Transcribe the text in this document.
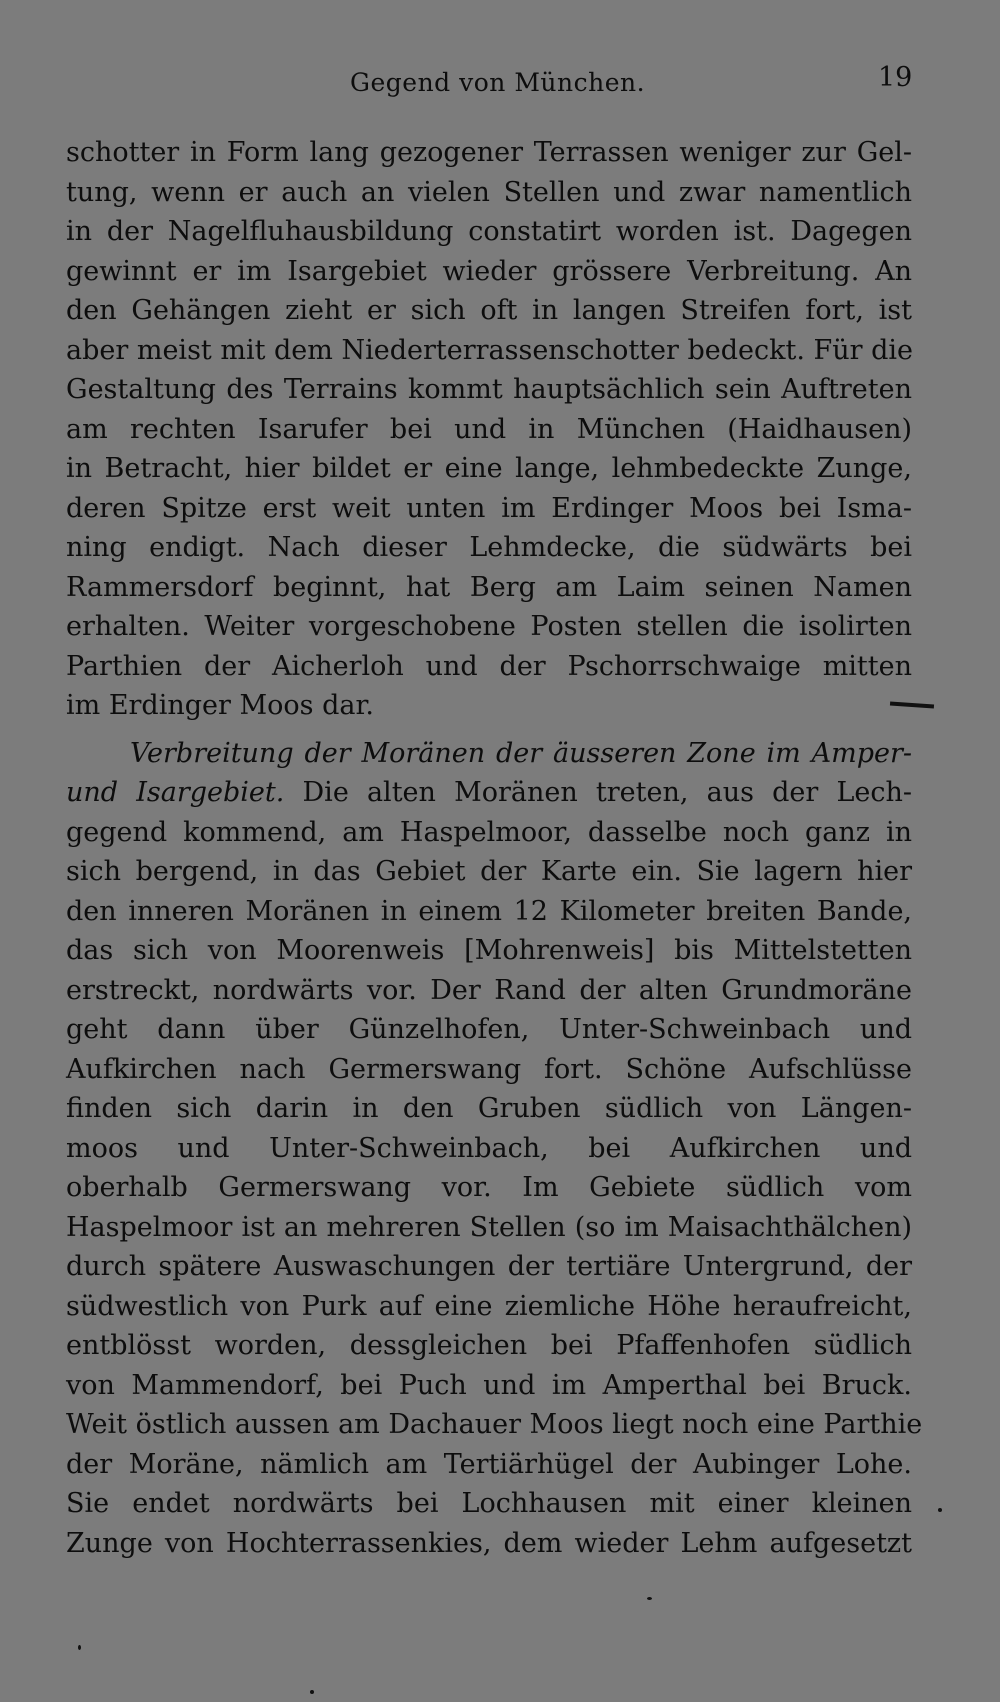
Gegend von München.	19
schotter in Form lang gezogener Terrassen weniger zur Gel-
tung, wenn er auch an vielen Stellen und zwar namentlich
in der Nagelfluhausbildung constatirt worden ist. Dagegen
gewinnt er im Isargebiet wieder grössere Verbreitung. An
den Gehängen zieht er sich oft in langen Streifen fort, ist
aber meist mit dem Niederterrassenschotter bedeckt. Für die
Gestaltung des Terrains kommt hauptsächlich sein Auftreten
am rechten Isarufer bei und in München (Haidhausen)
in Betracht, hier bildet er eine lange, lehmbedeckte Zunge,
deren Spitze erst weit unten im Erdinger Moos bei Isma-
ning endigt. Nach dieser Lehmdecke, die südwärts bei
Rammersdorf beginnt, hat Berg am Laim seinen Namen
erhalten. Weiter vorgeschobene Posten stellen die isolirten
Parthien der Aicherloh und der Pschorrschwaige mitten
im Erdinger Moos dar.
Verbreitung der Moränen der äusseren Zone im Amper-
und Isargebiet. Die alten Moränen treten, aus der Lech-
gegend kommend, am Haspelmoor, dasselbe noch ganz in
sich bergend, in das Gebiet der Karte ein. Sie lagern hier
den inneren Moränen in einem 12 Kilometer breiten Bande,
das sich von Moorenweis [Mohrenweis] bis Mittelstetten
erstreckt, nordwärts vor. Der Rand der alten Grundmoräne
geht dann über Günzelhofen, Unter-Schweinbach und
Aufkirchen nach Germerswang fort. Schöne Aufschlüsse
finden sich darin in den Gruben südlich von Längen-
moos und Unter-Schweinbach, bei Aufkirchen und
oberhalb Germerswang vor. Im Gebiete südlich vom
Haspelmoor ist an mehreren Stellen (so im Maisachthälchen)
durch spätere Auswaschungen der tertiäre Untergrund, der
südwestlich von Purk auf eine ziemliche Höhe heraufreicht,
entblösst worden, dessgleichen bei Pfaffenhofen südlich
von Mammendorf, bei Puch und im Amperthal bei Bruck.
Weit östlich aussen am Dachauer Moos liegt noch eine Parthie
der Moräne, nämlich am Tertiärhügel der Aubinger Lohe.
Sie endet nordwärts bei Lochhausen mit einer kleinen
Zunge von Hochterrassenkies, dem wieder Lehm aufgesetzt
